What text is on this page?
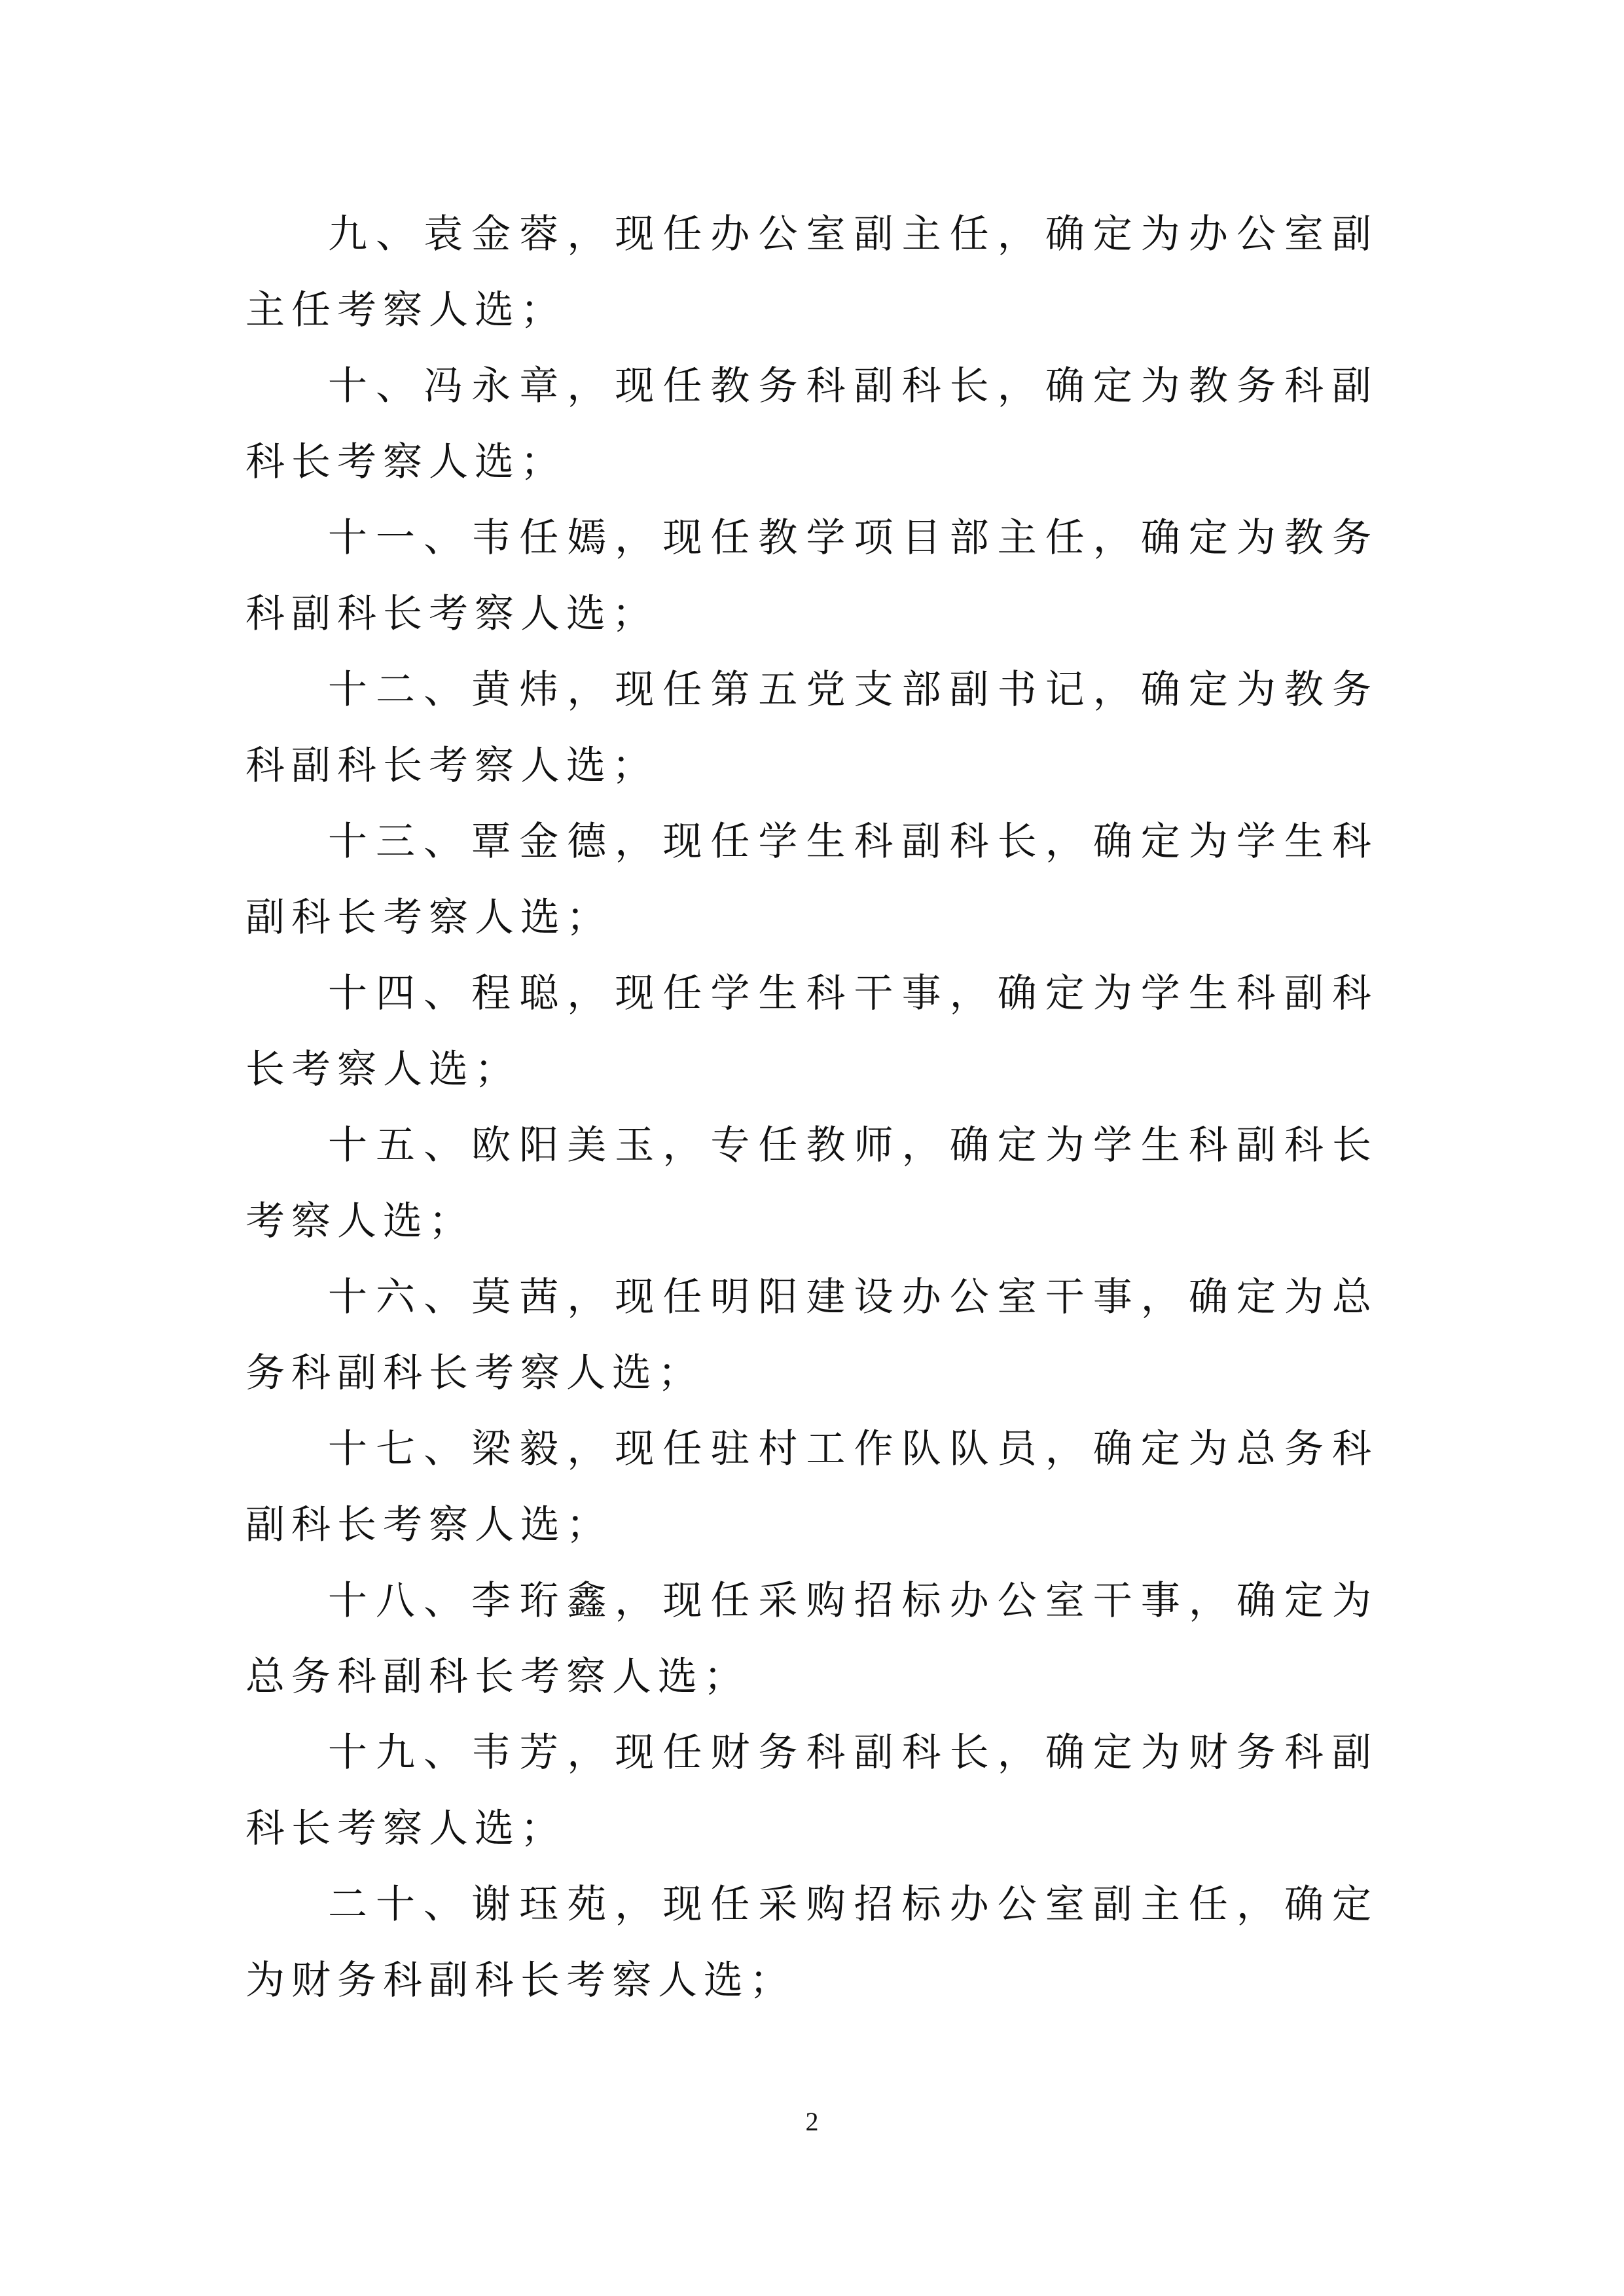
九、袁金蓉，现任办公室副主任，确定为办公室副主任考察人选；

十、冯永章，现任教务科副科长，确定为教务科副科长考察人选；

十一、韦任嫣，现任教学项目部主任，确定为教务科副科长考察人选；

十二、黄炜，现任第五党支部副书记，确定为教务科副科长考察人选；

十三、覃金德，现任学生科副科长，确定为学生科副科长考察人选；

十四、程聪，现任学生科干事，确定为学生科副科长考察人选；

十五、欧阳美玉，专任教师，确定为学生科副科长考察人选；

十六、莫茜，现任明阳建设办公室干事，确定为总务科副科长考察人选；

十七、梁毅，现任驻村工作队队员，确定为总务科副科长考察人选；

十八、李珩鑫，现任采购招标办公室干事，确定为总务科副科长考察人选；

十九、韦芳，现任财务科副科长，确定为财务科副科长考察人选；

二十、谢珏苑，现任采购招标办公室副主任，确定为财务科副科长考察人选；

2
